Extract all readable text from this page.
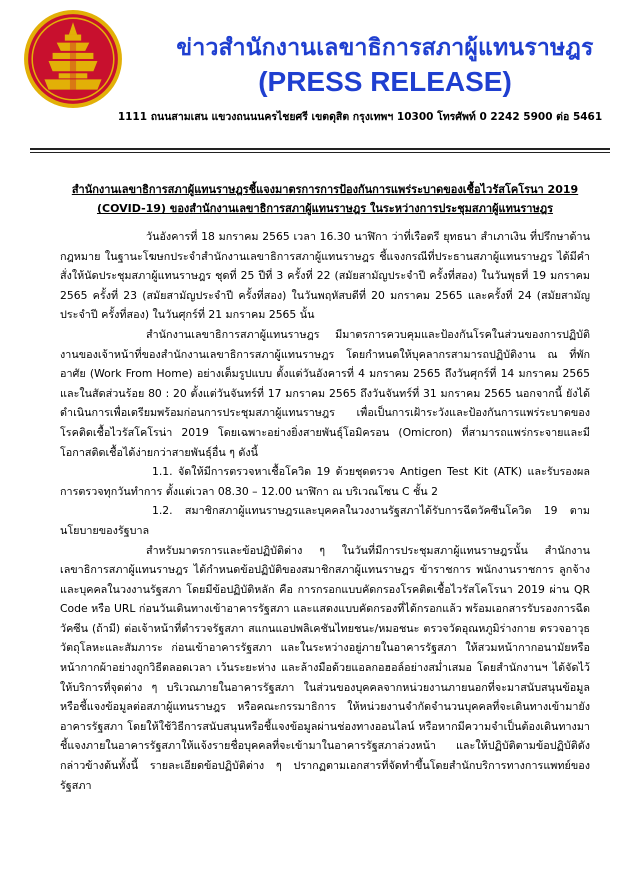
ข่าวสำนักงานเลขาธิการสภาผู้แทนราษฎร
(PRESS RELEASE)
1111 ถนนสามเสน แขวงถนนนครไชยศรี เขตดุสิต กรุงเทพฯ 10300 โทรศัพท์ 0 2242 5900 ต่อ 5461
สำนักงานเลขาธิการสภาผู้แทนราษฎรชี้แจงมาตรการการป้องกันการแพร่ระบาดของเชื้อไวรัสโคโรนา 2019
(COVID-19) ของสำนักงานเลขาธิการสภาผู้แทนราษฎร ในระหว่างการประชุมสภาผู้แทนราษฎร

วันอังคารที่ 18 มกราคม 2565 เวลา 16.30 นาฬิกา ว่าที่เรือตรี ยุทธนา สำเภาเงิน ที่ปรึกษาด้านกฎหมาย ในฐานะโฆษกประจำสำนักงานเลขาธิการสภาผู้แทนราษฎร ชี้แจงกรณีที่ประธานสภาผู้แทนราษฎร ได้มีคำสั่งให้นัดประชุมสภาผู้แทนราษฎร ชุดที่ 25 ปีที่ 3 ครั้งที่ 22 (สมัยสามัญประจำปี ครั้งที่สอง) ในวันพุธที่ 19 มกราคม 2565 ครั้งที่ 23 (สมัยสามัญประจำปี ครั้งที่สอง) ในวันพฤหัสบดีที่ 20 มกราคม 2565 และครั้งที่ 24 (สมัยสามัญประจำปี ครั้งที่สอง) ในวันศุกร์ที่ 21 มกราคม 2565 นั้น

สำนักงานเลขาธิการสภาผู้แทนราษฎร มีมาตรการควบคุมและป้องกันโรคในส่วนของการปฏิบัติงานของเจ้าหน้าที่ของสำนักงานเลขาธิการสภาผู้แทนราษฎร โดยกำหนดให้บุคลากรสามารถปฏิบัติงาน ณ ที่พักอาศัย (Work From Home) อย่างเต็มรูปแบบ ตั้งแต่วันอังคารที่ 4 มกราคม 2565 ถึงวันศุกร์ที่ 14 มกราคม 2565 และในสัดส่วนร้อย 80 : 20 ตั้งแต่วันจันทร์ที่ 17 มกราคม 2565 ถึงวันจันทร์ที่ 31 มกราคม 2565 นอกจากนี้ ยังได้ดำเนินการเพื่อเตรียมพร้อมก่อนการประชุมสภาผู้แทนราษฎร เพื่อเป็นการเฝ้าระวังและป้องกันการแพร่ระบาดของโรคติดเชื้อไวรัสโคโรน่า 2019 โดยเฉพาะอย่างยิ่งสายพันธุ์โอมิครอน (Omicron) ที่สามารถแพร่กระจายและมีโอกาสติดเชื้อได้ง่ายกว่าสายพันธุ์อื่น ๆ ดังนี้

1.1. จัดให้มีการตรวจหาเชื้อโควิด 19 ด้วยชุดตรวจ Antigen Test Kit (ATK) และรับรองผลการตรวจทุกวันทำการ ตั้งแต่เวลา 08.30 – 12.00 นาฬิกา ณ บริเวณโซน C ชั้น 2

1.2. สมาชิกสภาผู้แทนราษฎรและบุคคลในวงงานรัฐสภาได้รับการฉีดวัคซีนโควิด 19 ตามนโยบายของรัฐบาล

สำหรับมาตรการและข้อปฏิบัติต่าง ๆ ในวันที่มีการประชุมสภาผู้แทนราษฎรนั้น สำนักงานเลขาธิการสภาผู้แทนราษฎร ได้กำหนดข้อปฏิบัติของสมาชิกสภาผู้แทนราษฎร ข้าราชการ พนักงานราชการ ลูกจ้าง และบุคคลในวงงานรัฐสภา โดยมีข้อปฏิบัติหลัก คือ การกรอกแบบคัดกรองโรคติดเชื้อไวรัสโคโรนา 2019 ผ่าน QR Code หรือ URL ก่อนวันเดินทางเข้าอาคารรัฐสภา และแสดงแบบคัดกรองที่ได้กรอกแล้ว พร้อมเอกสารรับรองการฉีดวัคซีน (ถ้ามี) ต่อเจ้าหน้าที่ตำรวจรัฐสภา สแกนแอปพลิเคชันไทยชนะ/หมอชนะ ตรวจวัดอุณหภูมิร่างกาย ตรวจอาวุธ วัตถุโลหะและสัมภาระ ก่อนเข้าอาคารรัฐสภา และในระหว่างอยู่ภายในอาคารรัฐสภา ให้สวมหน้ากากอนามัยหรือหน้ากากผ้าอย่างถูกวิธีตลอดเวลา เว้นระยะห่าง และล้างมือด้วยแอลกอฮอล์อย่างสม่ำเสมอ โดยสำนักงานฯ ได้จัดไว้ให้บริการที่จุดต่าง ๆ บริเวณภายในอาคารรัฐสภา ในส่วนของบุคคลจากหน่วยงานภายนอกที่จะมาสนับสนุนข้อมูลหรือชี้แจงข้อมูลต่อสภาผู้แทนราษฎร หรือคณะกรรมาธิการ ให้หน่วยงานจำกัดจำนวนบุคคลที่จะเดินทางเข้ามายังอาคารรัฐสภา โดยให้ใช้วิธีการสนับสนุนหรือชี้แจงข้อมูลผ่านช่องทางออนไลน์ หรือหากมีความจำเป็นต้องเดินทางมาชี้แจงภายในอาคารรัฐสภาให้แจ้งรายชื่อบุคคลที่จะเข้ามาในอาคารรัฐสภาล่วงหน้า และให้ปฏิบัติตามข้อปฏิบัติดังกล่าวข้างต้นทั้งนี้ รายละเอียดข้อปฏิบัติต่าง ๆ ปรากฏตามเอกสารที่จัดทำขึ้นโดยสำนักบริการทางการแพทย์ของรัฐสภา
